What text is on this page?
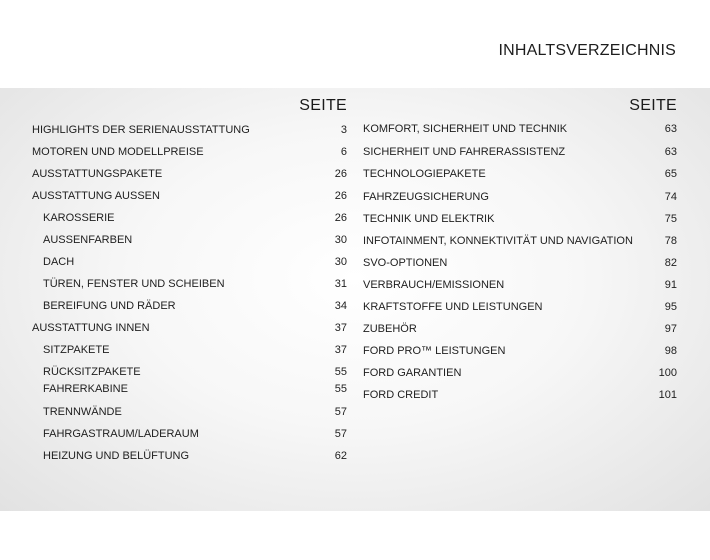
INHALTSVERZEICHNIS
SEITE
HIGHLIGHTS DER SERIENAUSSTATTUNG	3
MOTOREN UND MODELLPREISE	6
AUSSTATTUNGSPAKETE	26
AUSSTATTUNG AUSSEN	26
KAROSSERIE	26
AUSSENFARBEN	30
DACH	30
TÜREN, FENSTER UND SCHEIBEN	31
BEREIFUNG UND RÄDER	34
AUSSTATTUNG INNEN	37
SITZPAKETE	37
RÜCKSITZPAKETE	55
FAHRERKABINE	55
TRENNWÄNDE	57
FAHRGASTRAUM/LADERAUM	57
HEIZUNG UND BELÜFTUNG	62
SEITE
KOMFORT, SICHERHEIT UND TECHNIK	63
SICHERHEIT UND FAHRERASSISTENZ	63
TECHNOLOGIEPAKETE	65
FAHRZEUGSICHERUNG	74
TECHNIK UND ELEKTRIK	75
INFOTAINMENT, KONNEKTIVITÄT UND NAVIGATION	78
SVO-OPTIONEN	82
VERBRAUCH/EMISSIONEN	91
KRAFTSTOFFE UND LEISTUNGEN	95
ZUBEHÖR	97
FORD PRO™ LEISTUNGEN	98
FORD GARANTIEN	100
FORD CREDIT	101
